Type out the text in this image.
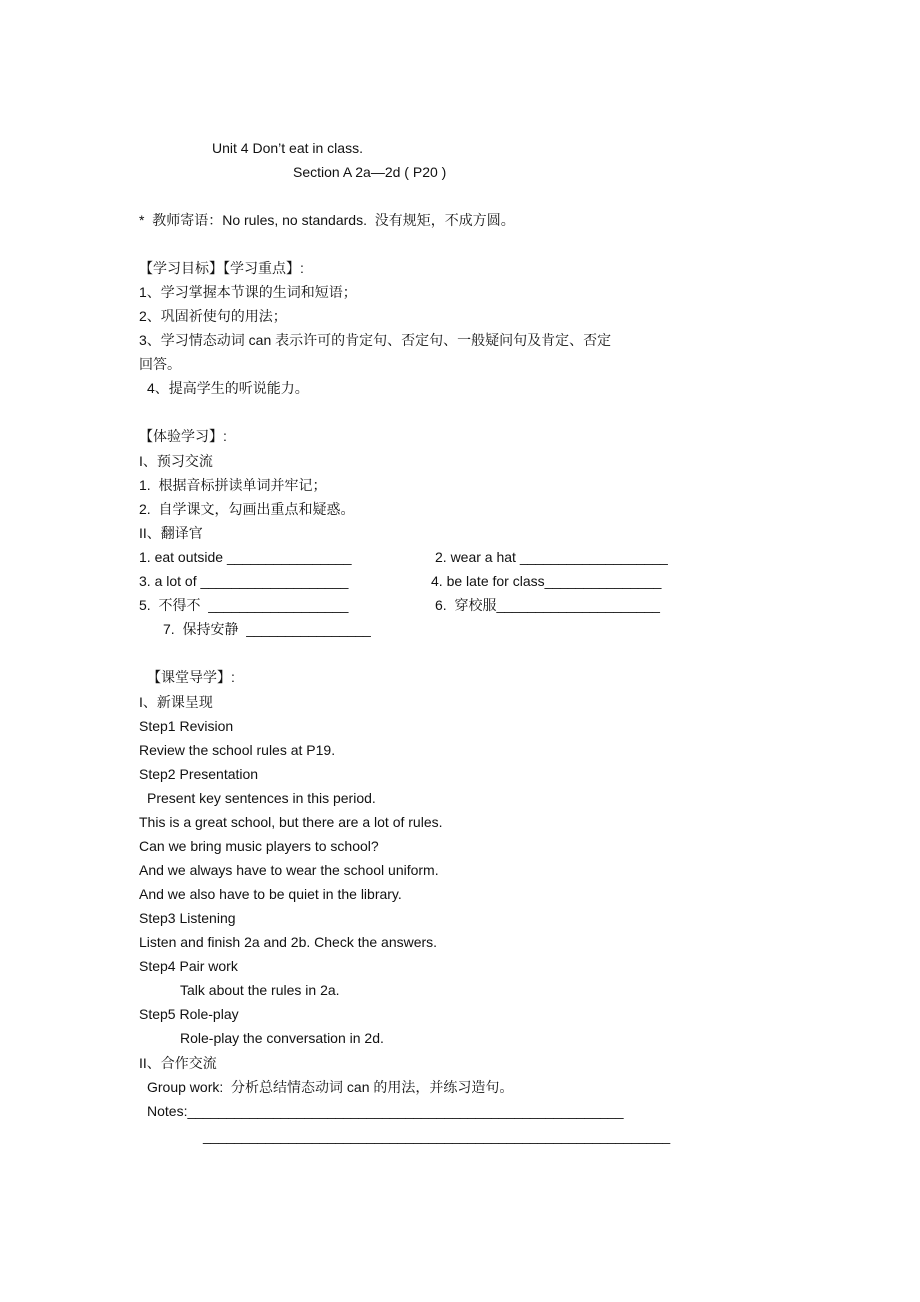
Unit 4 Don’t eat in class.
Section A 2a—2d ( P20 )
*  教师寄语：No rules, no standards.  没有规矩，不成方圆。
【学习目标】【学习重点】:
1、学习掌握本节课的生词和短语；
2、巩固祈使句的用法；
3、学习情态动词 can 表示许可的肯定句、否定句、一般疑问句及肯定、否定
回答。
4、提高学生的听说能力。
【体验学习】:
I、预习交流
1.  根据音标拼读单词并牢记；
2.  自学课文，勾画出重点和疑惑。
II、翻译官
1. eat outside ________________	2. wear a hat ___________________
3. a lot of ___________________	4. be late for class_______________
5.  不得不  __________________	6.  穿校服_____________________
7.  保持安静  ________________
【课堂导学】:
I、新课呈现
Step1 Revision
Review the school rules at P19.
Step2 Presentation
Present key sentences in this period.
This is a great school, but there are a lot of rules.
Can we bring music players to school?
And we always have to wear the school uniform.
And we also have to be quiet in the library.
Step3 Listening
Listen and finish 2a and 2b. Check the answers.
Step4 Pair work
Talk about the rules in 2a.
Step5 Role-play
Role-play the conversation in 2d.
II、合作交流
Group work:  分析总结情态动词 can 的用法，并练习造句。
Notes:________________________________________________________
____________________________________________________________
